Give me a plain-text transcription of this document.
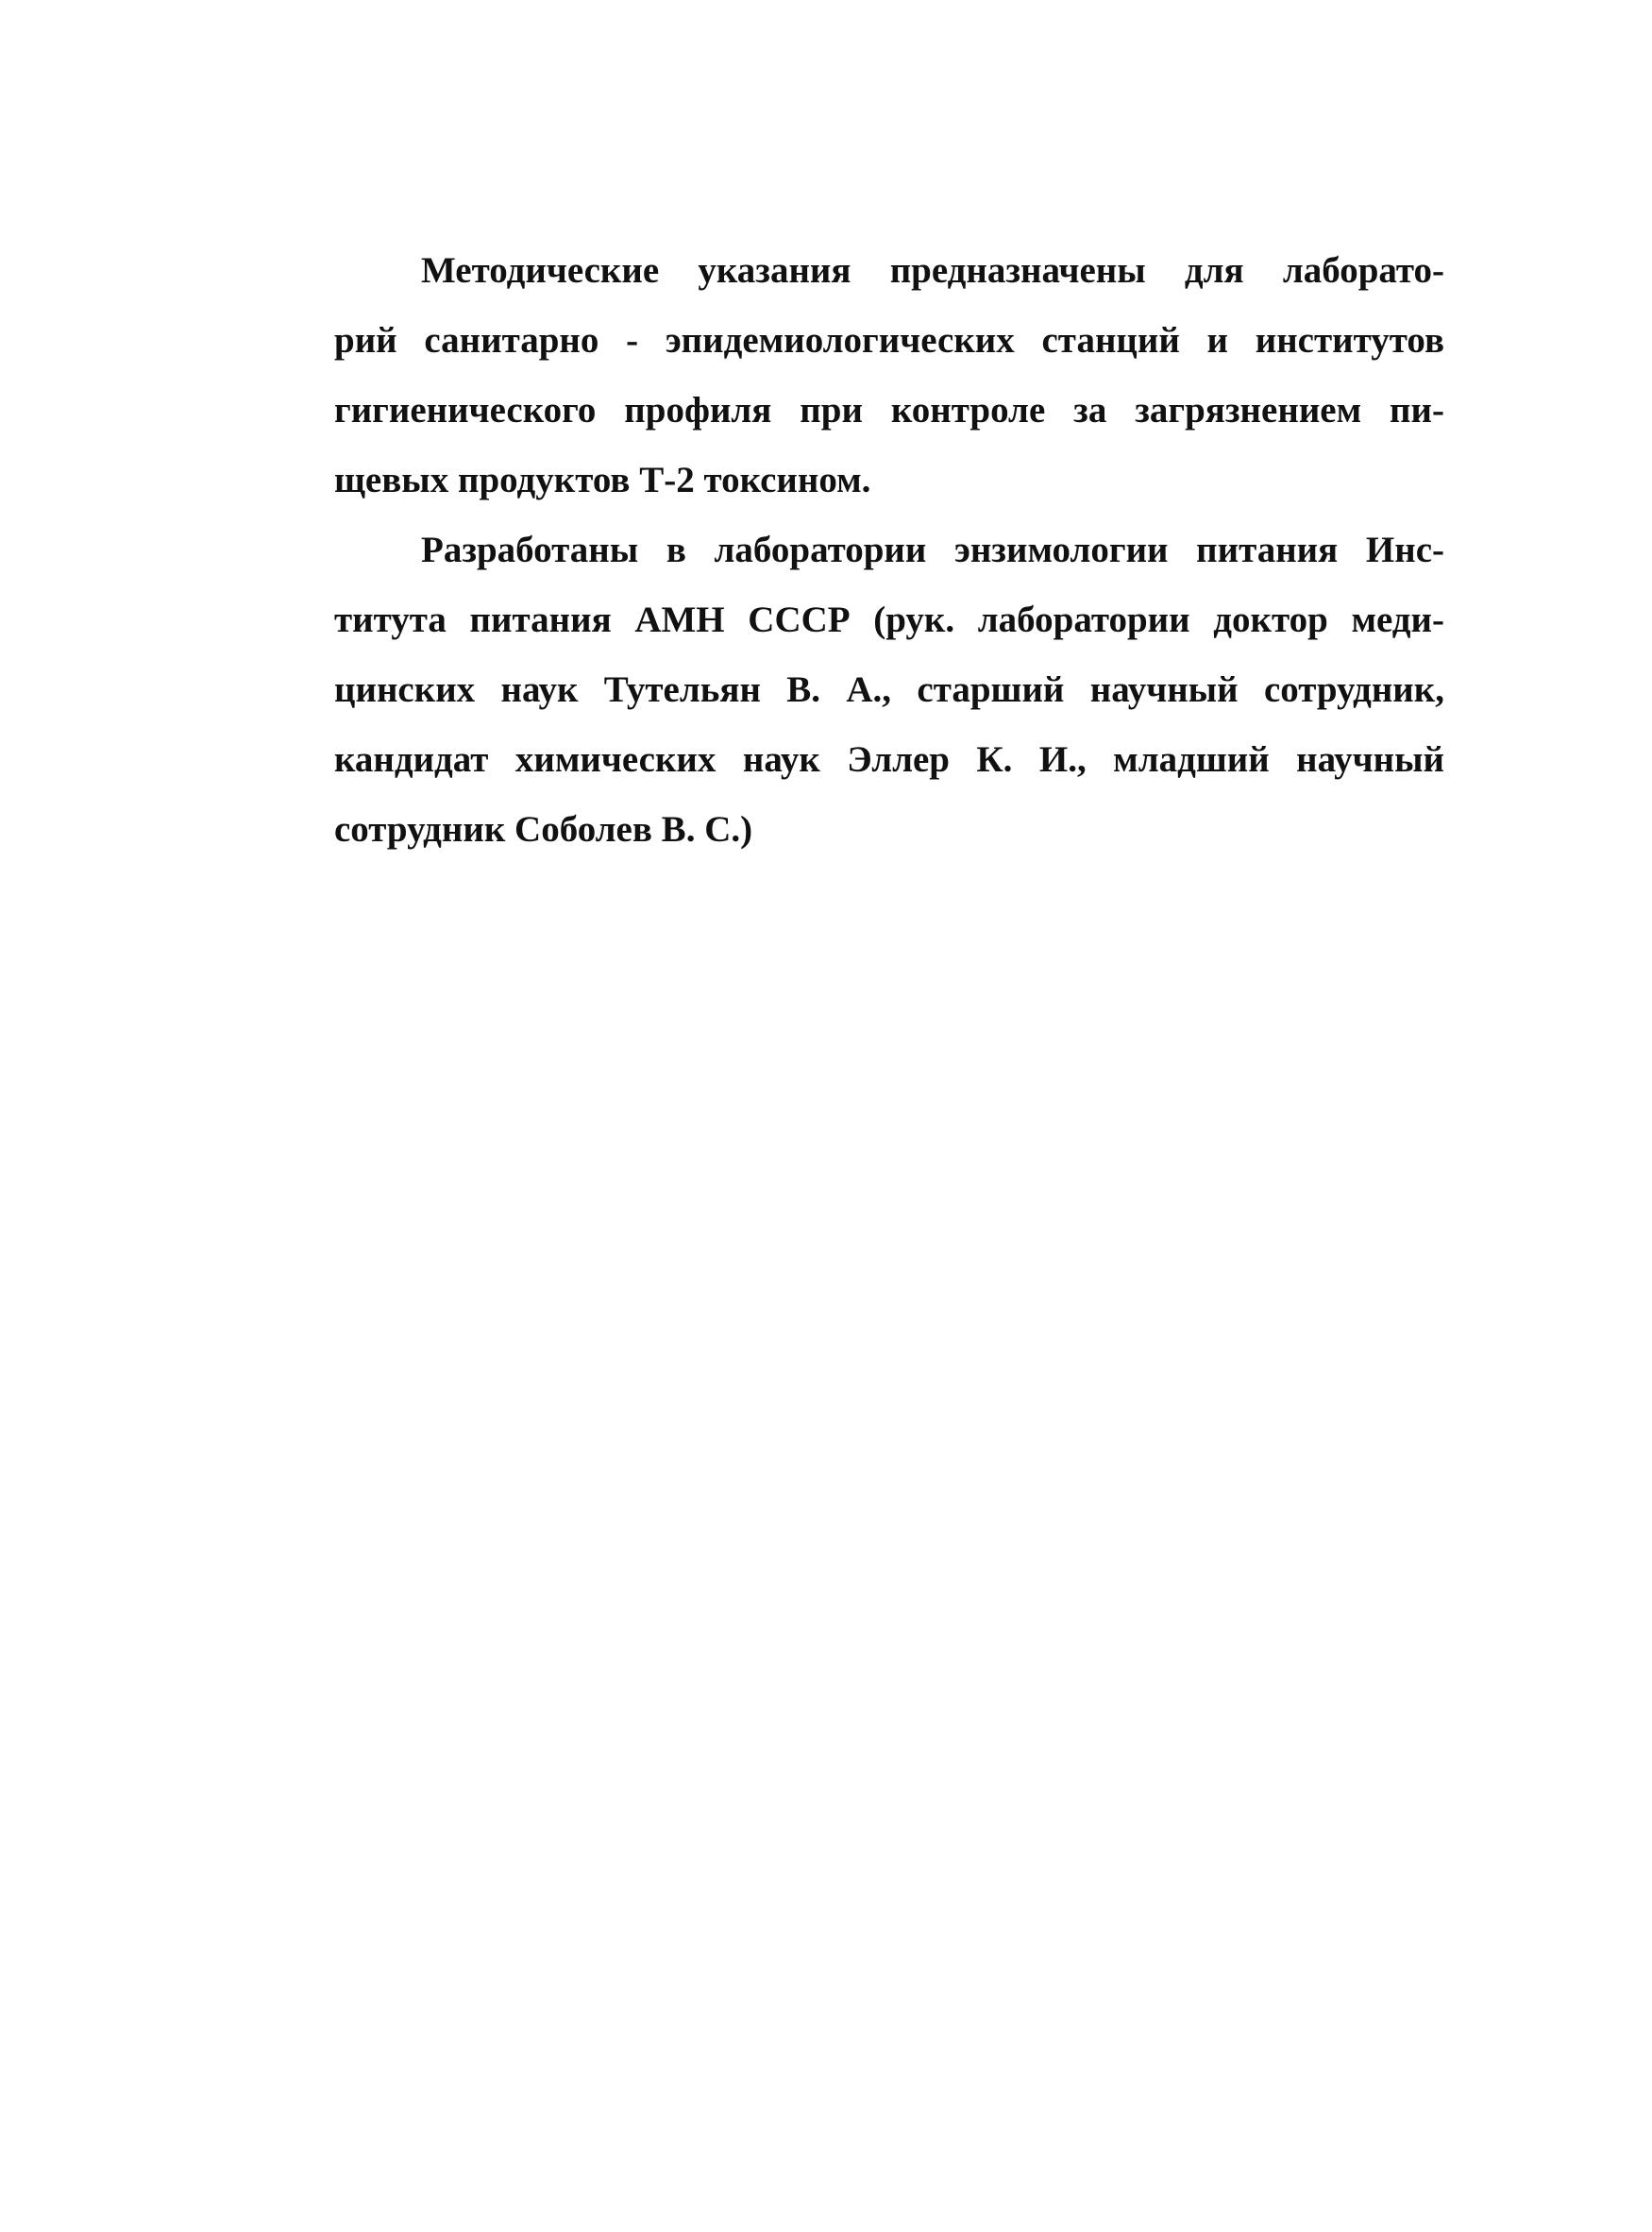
Методические указания предназначены для лаборато-
рий санитарно - эпидемиологических станций и институтов
гигиенического профиля при контроле за загрязнением пи-
щевых продуктов Т-2 токсином.
Разработаны в лаборатории энзимологии питания Инс-
титута питания АМН СССР (рук. лаборатории доктор меди-
цинских наук Тутельян В. А., старший научный сотрудник,
кандидат химических наук Эллер К. И., младший научный
сотрудник Соболев В. С.)
